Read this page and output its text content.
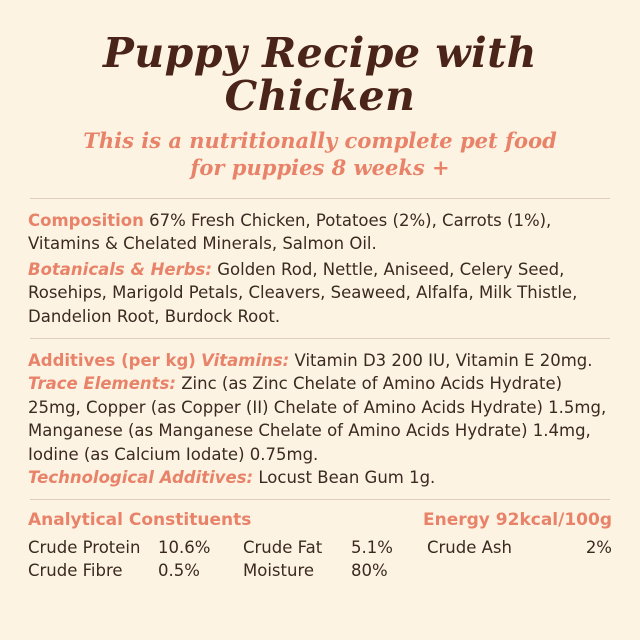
Puppy Recipe with Chicken
This is a nutritionally complete pet food
for puppies 8 weeks +

Composition 67% Fresh Chicken, Potatoes (2%), Carrots (1%), Vitamins & Chelated Minerals, Salmon Oil.

Botanicals & Herbs: Golden Rod, Nettle, Aniseed, Celery Seed, Rosehips, Marigold Petals, Cleavers, Seaweed, Alfalfa, Milk Thistle, Dandelion Root, Burdock Root.

Additives (per kg) Vitamins: Vitamin D3 200 IU, Vitamin E 20mg. Trace Elements: Zinc (as Zinc Chelate of Amino Acids Hydrate) 25mg, Copper (as Copper (II) Chelate of Amino Acids Hydrate) 1.5mg, Manganese (as Manganese Chelate of Amino Acids Hydrate) 1.4mg, Iodine (as Calcium Iodate) 0.75mg.

Technological Additives: Locust Bean Gum 1g.

Analytical Constituents	Energy 92kcal/100g
Crude Protein	10.6%	Crude Fat	5.1%	Crude Ash	2%
Crude Fibre	0.5%	Moisture	80%		
